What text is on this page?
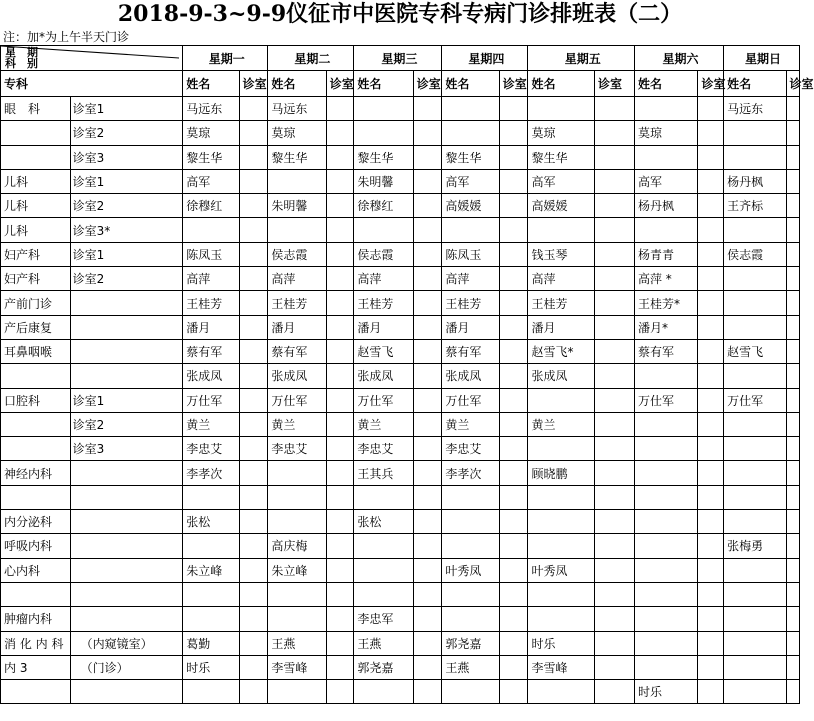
2018-9-3~9-9仪征市中医院专科专病门诊排班表（二）
注：加*为上午半天门诊
星　期
科　别		星期一		星期二		星期三		星期四		星期五		星期六		星期日	
专科		姓名	诊室	姓名	诊室	姓名	诊室	姓名	诊室	姓名	诊室	姓名	诊室	姓名	诊室
眼　科	诊室1	马远东		马远东										马远东	
	诊室2	莫琼		莫琼						莫琼		莫琼			
	诊室3	黎生华		黎生华		黎生华		黎生华		黎生华					
儿科	诊室1	高军				朱明馨		高军		高军		高军		杨丹枫	
儿科	诊室2	徐穆红		朱明馨		徐穆红		高媛媛		高媛媛		杨丹枫		王齐标	
儿科	诊室3*														
妇产科	诊室1	陈凤玉		侯志霞		侯志霞		陈凤玉		钱玉琴		杨青青		侯志霞	
妇产科	诊室2	高萍		高萍		高萍		高萍		高萍		高萍 *			
产前门诊		王桂芳		王桂芳		王桂芳		王桂芳		王桂芳		王桂芳*			
产后康复		潘月		潘月		潘月		潘月		潘月		潘月*			
耳鼻咽喉		蔡有军		蔡有军		赵雪飞		蔡有军		赵雪飞*		蔡有军		赵雪飞	
		张成凤		张成凤		张成凤		张成凤		张成凤					
口腔科	诊室1	万仕军		万仕军		万仕军		万仕军				万仕军		万仕军	
	诊室2	黄兰		黄兰		黄兰		黄兰		黄兰					
	诊室3	李忠艾		李忠艾		李忠艾		李忠艾							
神经内科		李孝次				王其兵		李孝次		顾晓鹏					

内分泌科		张松				张松									
呼吸内科				高庆梅										张梅勇	
心内科		朱立峰		朱立峰				叶秀凤		叶秀凤					

肿瘤内科						李忠军									
消 化 内 科	（内窥镜室）	葛勤		王燕		王燕		郭尧嘉		时乐					
内 3	（门诊）	时乐		李雪峰		郭尧嘉		王燕		李雪峰					
												时乐			
